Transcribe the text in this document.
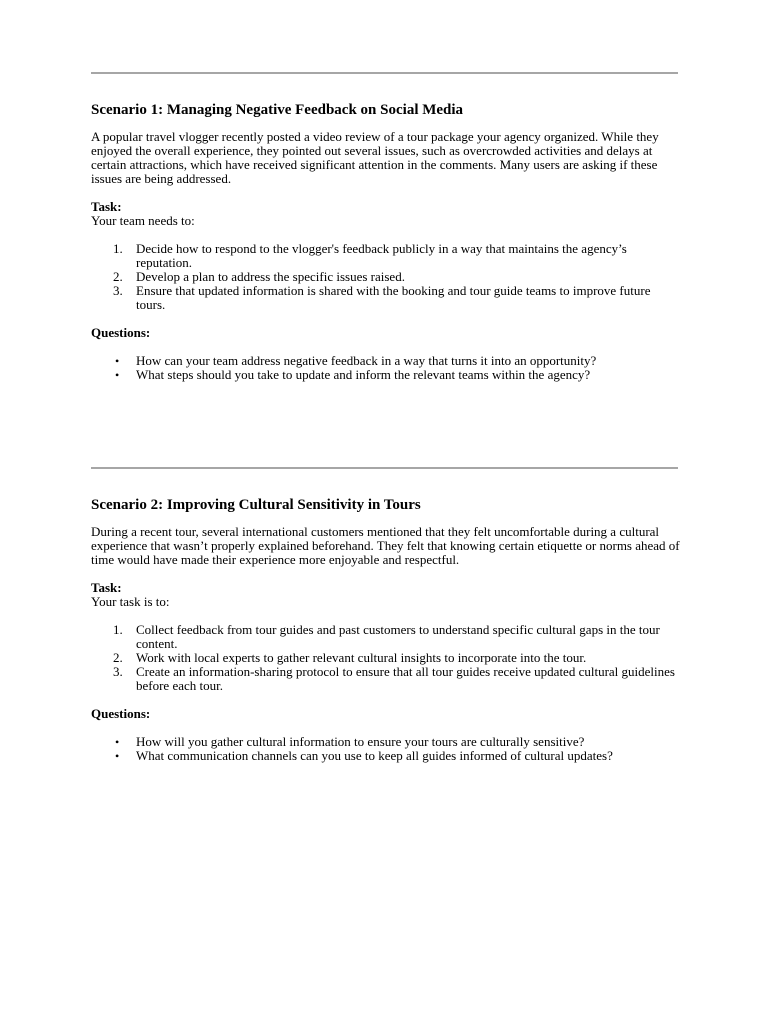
Scenario 1: Managing Negative Feedback on Social Media

A popular travel vlogger recently posted a video review of a tour package your agency organized. While they enjoyed the overall experience, they pointed out several issues, such as overcrowded activities and delays at certain attractions, which have received significant attention in the comments. Many users are asking if these issues are being addressed.

Task:

Your team needs to:

1. Decide how to respond to the vlogger's feedback publicly in a way that maintains the agency’s reputation.
2. Develop a plan to address the specific issues raised.
3. Ensure that updated information is shared with the booking and tour guide teams to improve future tours.

Questions:

• How can your team address negative feedback in a way that turns it into an opportunity?
• What steps should you take to update and inform the relevant teams within the agency?
Scenario 2: Improving Cultural Sensitivity in Tours

During a recent tour, several international customers mentioned that they felt uncomfortable during a cultural experience that wasn’t properly explained beforehand. They felt that knowing certain etiquette or norms ahead of time would have made their experience more enjoyable and respectful.

Task:

Your task is to:

1. Collect feedback from tour guides and past customers to understand specific cultural gaps in the tour content.
2. Work with local experts to gather relevant cultural insights to incorporate into the tour.
3. Create an information-sharing protocol to ensure that all tour guides receive updated cultural guidelines before each tour.

Questions:

• How will you gather cultural information to ensure your tours are culturally sensitive?
• What communication channels can you use to keep all guides informed of cultural updates?
